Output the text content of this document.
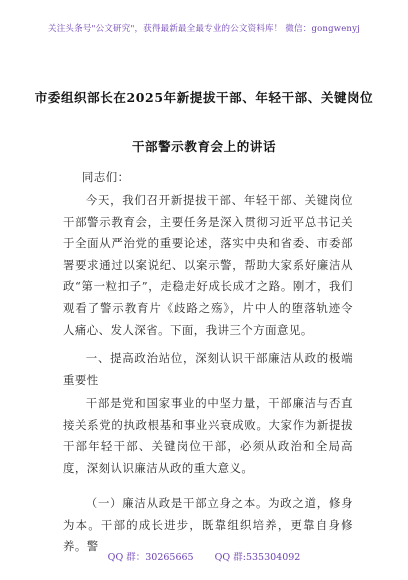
关注头条号"公文研究"，获得最新最全最专业的公文资料库！ 微信：gongwenyj
市委组织部长在2025年新提拔干部、年轻干部、关键岗位
干部警示教育会上的讲话
同志们：
今天，我们召开新提拔干部、年轻干部、关键岗位干部警示教育会，主要任务是深入贯彻习近平总书记关于全面从严治党的重要论述，落实中央和省委、市委部署要求通过以案说纪、以案示警，帮助大家系好廉洁从政“第一粒扣子”，走稳走好成长成才之路。刚才，我们观看了警示教育片《歧路之殇》，片中人的堕落轨迹令人痛心、发人深省。下面，我讲三个方面意见。
一、提高政治站位，深刻认识干部廉洁从政的极端重要性
干部是党和国家事业的中坚力量，干部廉洁与否直接关系党的执政根基和事业兴衰成败。大家作为新提拔干部年轻干部、关键岗位干部，必须从政治和全局高度，深刻认识廉洁从政的重大意义。
（一）廉洁从政是干部立身之本。为政之道，修身为本。干部的成长进步，既靠组织培养，更靠自身修养。警
QQ 群：30265665 QQ 群:535304092
